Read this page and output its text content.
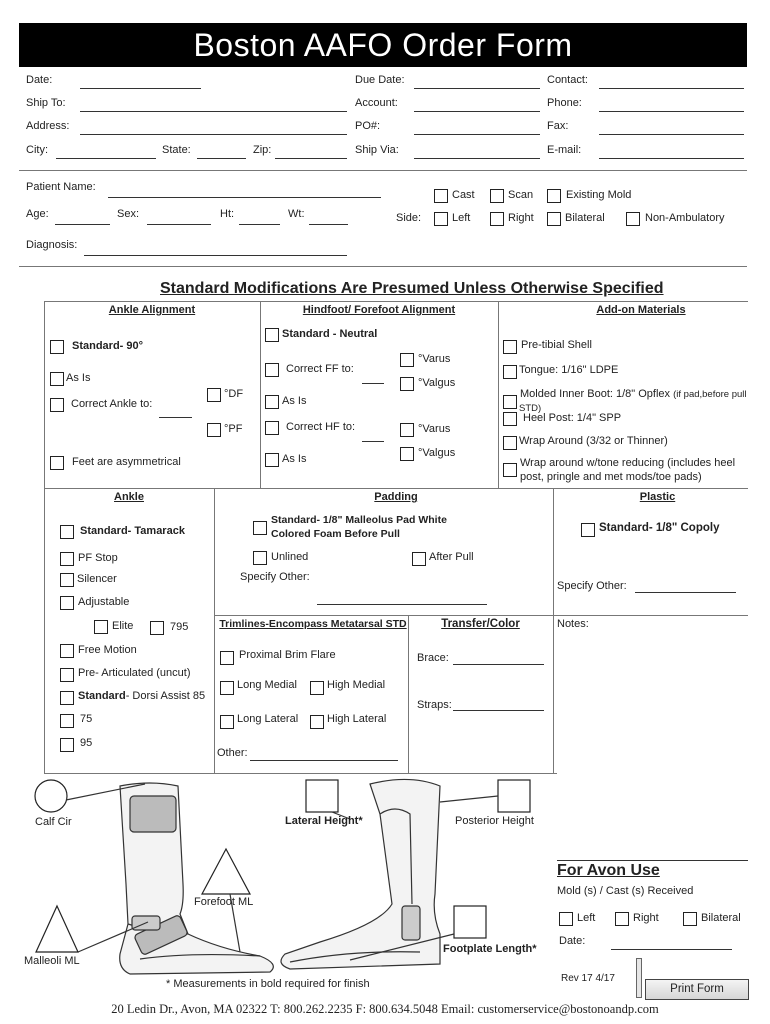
Boston AAFO Order Form
Date:	Due Date:	Contact:
Ship To:	Account:	Phone:
Address:	PO#:	Fax:
City:	State:	Zip:	Ship Via:	E-mail:
Patient Name:
Cast	Scan	Existing Mold
Age:	Sex:	Ht:	Wt:	Side:	Left	Right	Bilateral	Non-Ambulatory
Diagnosis:
Standard Modifications Are Presumed Unless Otherwise Specified
Ankle Alignment
Standard- 90°
As Is
°DF
Correct Ankle to:
°PF
Feet are asymmetrical
Hindfoot/ Forefoot Alignment
Standard - Neutral
°Varus
Correct FF to:
°Valgus
As Is
Correct HF to:	°Varus
°Valgus
As Is
Add-on Materials
Pre-tibial Shell
Tongue: 1/16" LDPE
Molded Inner Boot: 1/8" Opflex (if pad,before pull
STD)
Heel Post: 1/4" SPP
Wrap Around (3/32 or Thinner)
Wrap around w/tone reducing (includes heel
post, pringle and met mods/toe pads)
Ankle
Standard- Tamarack
PF Stop
Silencer
Adjustable
Elite	795
Free Motion
Pre- Articulated (uncut)
Standard- Dorsi Assist 85
75
95
Padding
Standard- 1/8" Malleolus Pad White
Colored Foam Before Pull
Unlined	After Pull
Specify Other:
Plastic
Standard- 1/8" Copoly
Specify Other:
Notes:
Trimlines-Encompass Metatarsal STD
Proximal Brim Flare
Long Medial	High Medial
Long Lateral	High Lateral
Other:
Transfer/Color
Brace:
Straps:
Calf Cir	Lateral Height*	Posterior Height
Forefoot ML
Malleoli ML
Footplate Length*
* Measurements in bold required for finish
For Avon Use
Mold (s) / Cast (s) Received
Left	Right	Bilateral
Date:
Rev 17 4/17
Print Form
20 Ledin Dr., Avon, MA 02322 T: 800.262.2235 F: 800.634.5048 Email: customerservice@bostonoandp.com
